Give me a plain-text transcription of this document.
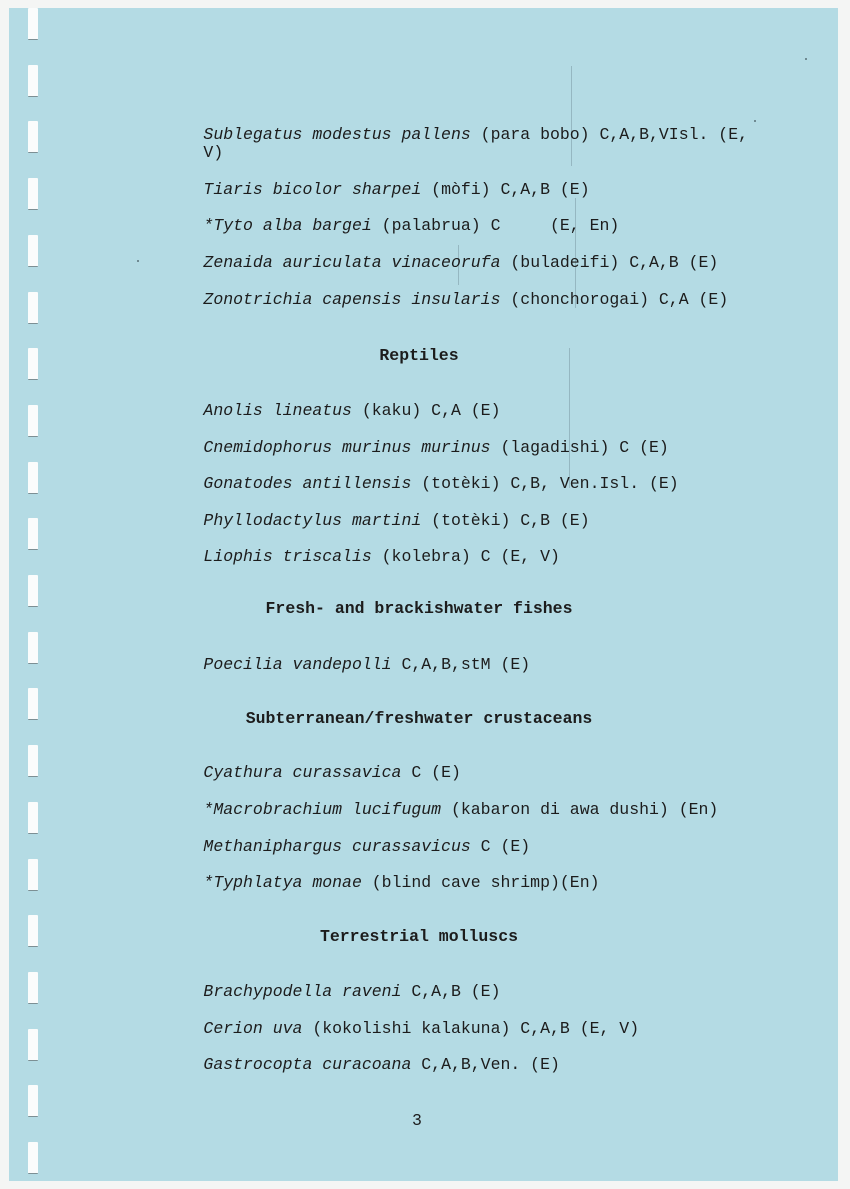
Sublegatus modestus pallens (para bobo) C,A,B,VIsl. (E,

V)

Tiaris bicolor sharpei (mòfi) C,A,B (E)

*Tyto alba bargei (palabrua) C     (E, En)

Zenaida auriculata vinaceorufa (buladeifi) C,A,B (E)

Zonotrichia capensis insularis (chonchorogai) C,A (E)

Reptiles

Anolis lineatus (kaku) C,A (E)

Cnemidophorus murinus murinus (lagadishi) C (E)

Gonatodes antillensis (totèki) C,B, Ven.Isl. (E)

Phyllodactylus martini (totèki) C,B (E)

Liophis triscalis (kolebra) C (E, V)

Fresh- and brackishwater fishes

Poecilia vandepolli C,A,B,stM (E)

Subterranean/freshwater crustaceans

Cyathura curassavica C (E)

*Macrobrachium lucifugum (kabaron di awa dushi) (En)

Methaniphargus curassavicus C (E)

*Typhlatya monae (blind cave shrimp)(En)

Terrestrial molluscs

Brachypodella raveni C,A,B (E)

Cerion uva (kokolishi kalakuna) C,A,B (E, V)

Gastrocopta curacoana C,A,B,Ven. (E)

3
